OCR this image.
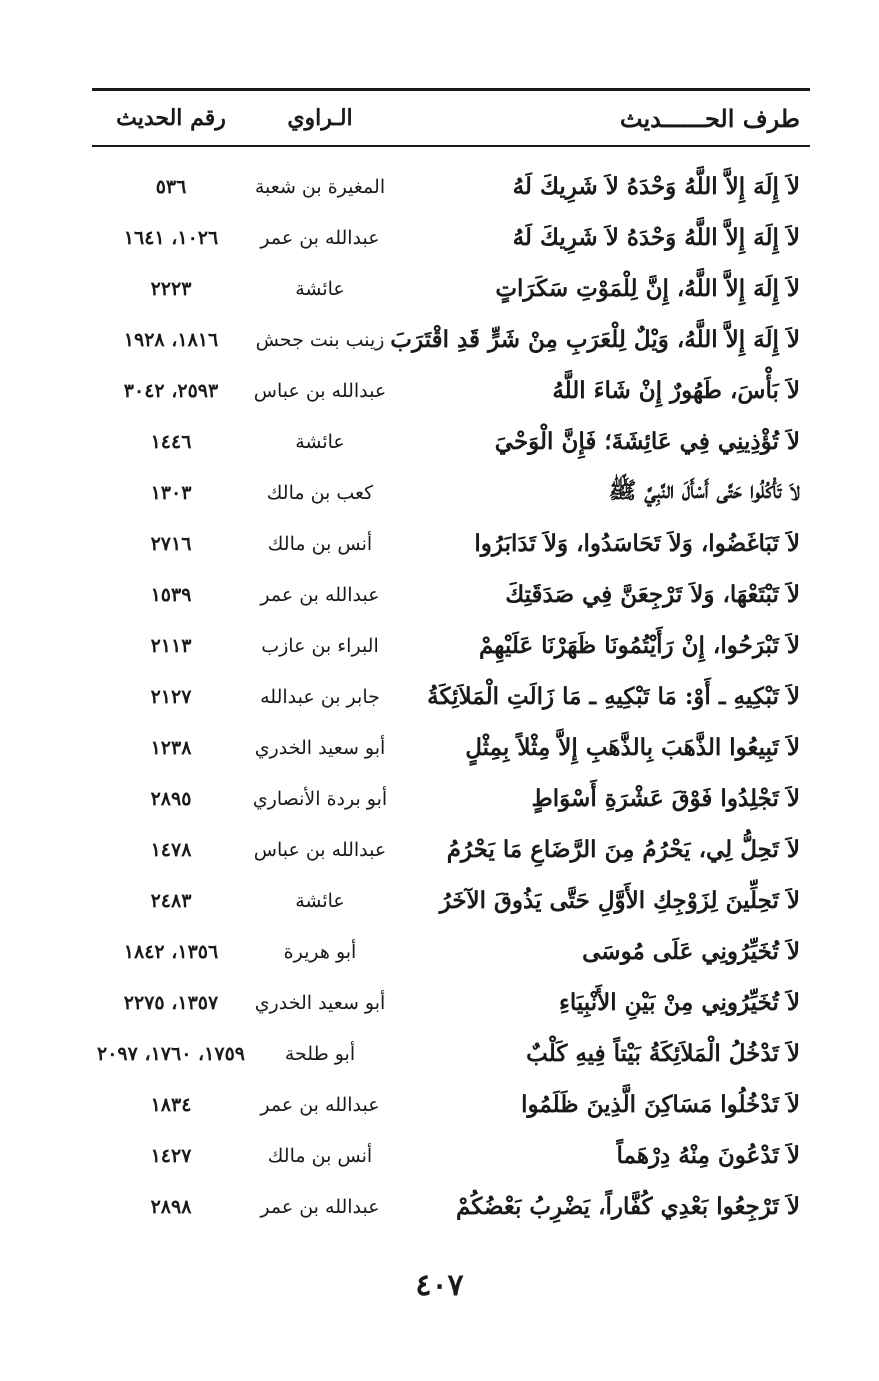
طرف الحــــــديث
الـراوي
رقم الحديث
لاَ إِلَهَ إِلاَّ اللَّهُ وَحْدَهُ لاَ شَرِيكَ لَهُ
المغيرة بن شعبة
٥٣٦
لاَ إِلَهَ إِلاَّ اللَّهُ وَحْدَهُ لاَ شَرِيكَ لَهُ
عبدالله بن عمر
١٠٢٦، ١٦٤١
لاَ إِلَهَ إِلاَّ اللَّهُ، إِنَّ لِلْمَوْتِ سَكَرَاتٍ
عائشة
٢٢٢٣
لاَ إِلَهَ إِلاَّ اللَّهُ، وَيْلٌ لِلْعَرَبِ مِنْ شَرٍّ قَدِ اقْتَرَبَ
زينب بنت جحش
١٨١٦، ١٩٢٨
لاَ بَأْسَ، طَهُورٌ إِنْ شَاءَ اللَّهُ
عبدالله بن عباس
٢٥٩٣، ٣٠٤٢
لاَ تُؤْذِينِي فِي عَائِشَةَ؛ فَإِنَّ الْوَحْيَ
عائشة
١٤٤٦
لاَ تَأْكُلُوا حَتَّى أَسْأَلَ النَّبِيَّ ﷺ
كعب بن مالك
١٣٠٣
لاَ تَبَاغَضُوا، وَلاَ تَحَاسَدُوا، وَلاَ تَدَابَرُوا
أنس بن مالك
٢٧١٦
لاَ تَبْتَعْهَا، وَلاَ تَرْجِعَنَّ فِي صَدَقَتِكَ
عبدالله بن عمر
١٥٣٩
لاَ تَبْرَحُوا، إِنْ رَأَيْتُمُونَا ظَهَرْنَا عَلَيْهِمْ
البراء بن عازب
٢١١٣
لاَ تَبْكِيهِ ـ أَوْ: مَا تَبْكِيهِ ـ مَا زَالَتِ الْمَلاَئِكَةُ
جابر بن عبدالله
٢١٢٧
لاَ تَبِيعُوا الذَّهَبَ بِالذَّهَبِ إِلاَّ مِثْلاً بِمِثْلٍ
أبو سعيد الخدري
١٢٣٨
لاَ تَجْلِدُوا فَوْقَ عَشْرَةِ أَسْوَاطٍ
أبو بردة الأنصاري
٢٨٩٥
لاَ تَحِلُّ لِي، يَحْرُمُ مِنَ الرَّضَاعِ مَا يَحْرُمُ
عبدالله بن عباس
١٤٧٨
لاَ تَحِلِّينَ لِزَوْجِكِ الأَوَّلِ حَتَّى يَذُوقَ الآخَرُ
عائشة
٢٤٨٣
لاَ تُخَيِّرُونِي عَلَى مُوسَى
أبو هريرة
١٣٥٦، ١٨٤٢
لاَ تُخَيِّرُونِي مِنْ بَيْنِ الأَنْبِيَاءِ
أبو سعيد الخدري
١٣٥٧، ٢٢٧٥
لاَ تَدْخُلُ الْمَلاَئِكَةُ بَيْتاً فِيهِ كَلْبٌ
أبو طلحة
١٧٥٩، ١٧٦٠، ٢٠٩٧
لاَ تَدْخُلُوا مَسَاكِنَ الَّذِينَ ظَلَمُوا
عبدالله بن عمر
١٨٣٤
لاَ تَدْعُونَ مِنْهُ دِرْهَماً
أنس بن مالك
١٤٢٧
لاَ تَرْجِعُوا بَعْدِي كُفَّاراً، يَضْرِبُ بَعْضُكُمْ
عبدالله بن عمر
٢٨٩٨
٤٠٧
